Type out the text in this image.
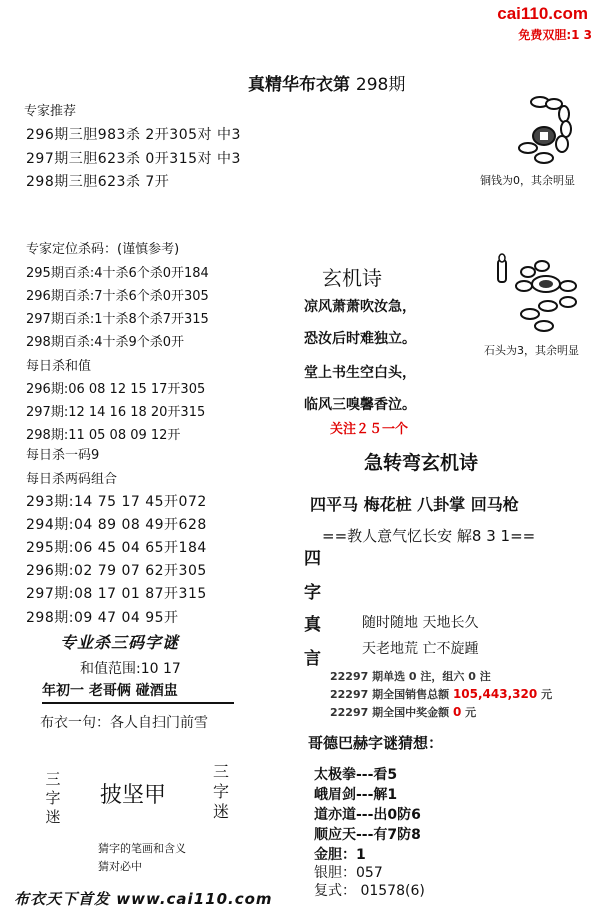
cai110.com
免费双胆:1 3
真精华布衣第 298期
专家推荐
296期三胆983杀 2开305对 中3
297期三胆623杀 0开315对 中3
298期三胆623杀 7开	铜钱为0，其余明显
专家定位杀码：(谨慎参考)
295期百杀:4十杀6个杀0开184
296期百杀:7十杀6个杀0开305
297期百杀:1十杀8个杀7开315
298期百杀:4十杀9个杀0开
每日杀和值
296期:06 08 12 15 17开305
297期:12 14 16 18 20开315
298期:11 05 08 09 12开
每日杀一码9
每日杀两码组合
293期:14 75 17 45开072
294期:04 89 08 49开628
295期:06 45 04 65开184
296期:02 79 07 62开305
297期:08 17 01 87开315
298期:09 47 04 95开
专业杀三码字谜
和值范围:10 17
年初一 老哥俩 碰酒盅
布衣一句：各人自扫门前雪
三字迷
披坚甲
三字迷
猜字的笔画和含义
猜对必中
玄机诗
凉风萧萧吹汝急，
恐汝后时难独立。
堂上书生空白头，
临风三嗅馨香泣。
关注２５一个
石头为3，其余明显
急转弯玄机诗
四平马 梅花桩 八卦掌 回马枪
==教人意气忆长安 解8 3 1==
四
字
真
言
随时随地 天地长久
天老地荒 亡不旋踵
22297 期单选 0 注，组六 0 注
22297 期全国销售总额 105,443,320 元
22297 期全国中奖金额 0 元
哥德巴赫字谜猜想：
太极拳---看5
峨眉剑---解1
道亦道---出0防6
顺应天---有7防8
金胆：1
银胆：057
复式： 01578(6)
布衣天下首发 www.cai110.com
